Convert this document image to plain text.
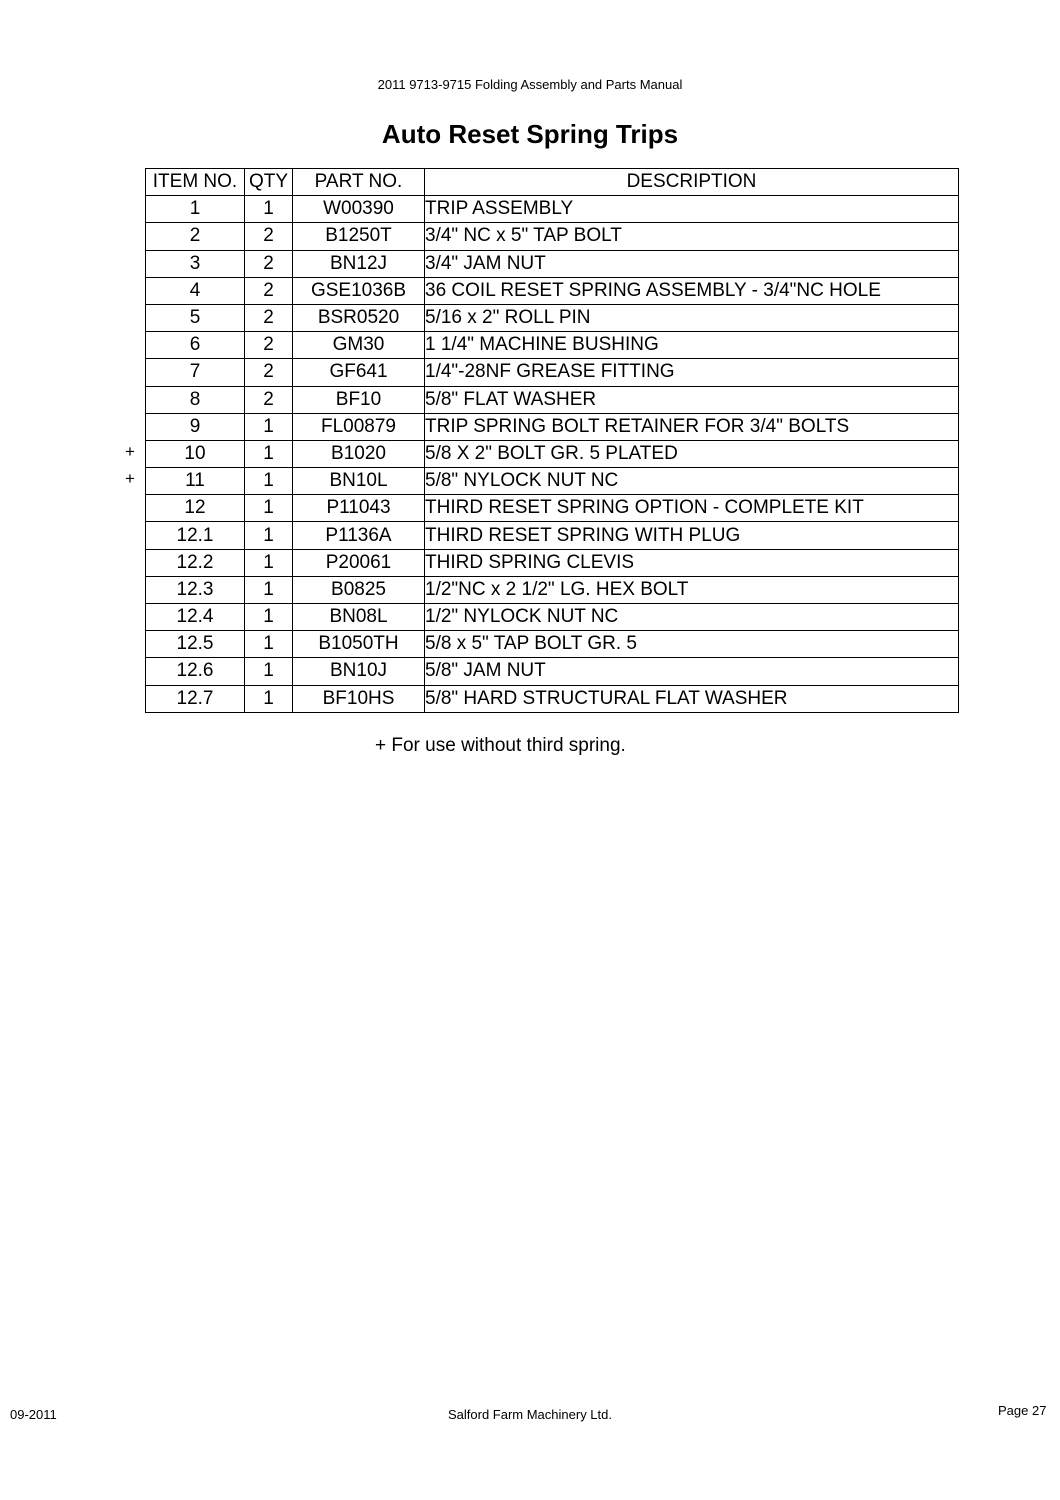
2011 9713-9715 Folding Assembly and Parts Manual
Auto Reset Spring Trips
ITEM NO.	QTY	PART NO.	DESCRIPTION
1	1	W00390	TRIP ASSEMBLY
2	2	B1250T	3/4" NC x 5" TAP BOLT
3	2	BN12J	3/4" JAM NUT
4	2	GSE1036B	36 COIL RESET SPRING ASSEMBLY - 3/4"NC HOLE
5	2	BSR0520	5/16 x 2" ROLL PIN
6	2	GM30	1 1/4" MACHINE BUSHING
7	2	GF641	1/4"-28NF GREASE FITTING
8	2	BF10	5/8" FLAT WASHER
9	1	FL00879	TRIP SPRING BOLT RETAINER FOR 3/4" BOLTS
10	1	B1020	5/8 X 2" BOLT GR. 5 PLATED
11	1	BN10L	5/8" NYLOCK NUT NC
12	1	P11043	THIRD RESET SPRING OPTION - COMPLETE KIT
12.1	1	P1136A	THIRD RESET SPRING WITH PLUG
12.2	1	P20061	THIRD SPRING CLEVIS
12.3	1	B0825	1/2"NC x 2 1/2" LG. HEX BOLT
12.4	1	BN08L	1/2" NYLOCK NUT NC
12.5	1	B1050TH	5/8 x 5" TAP BOLT GR. 5
12.6	1	BN10J	5/8" JAM NUT
12.7	1	BF10HS	5/8" HARD STRUCTURAL FLAT WASHER
+
+
+ For use without third spring.
09-2011	Salford Farm Machinery Ltd.	Page 27
